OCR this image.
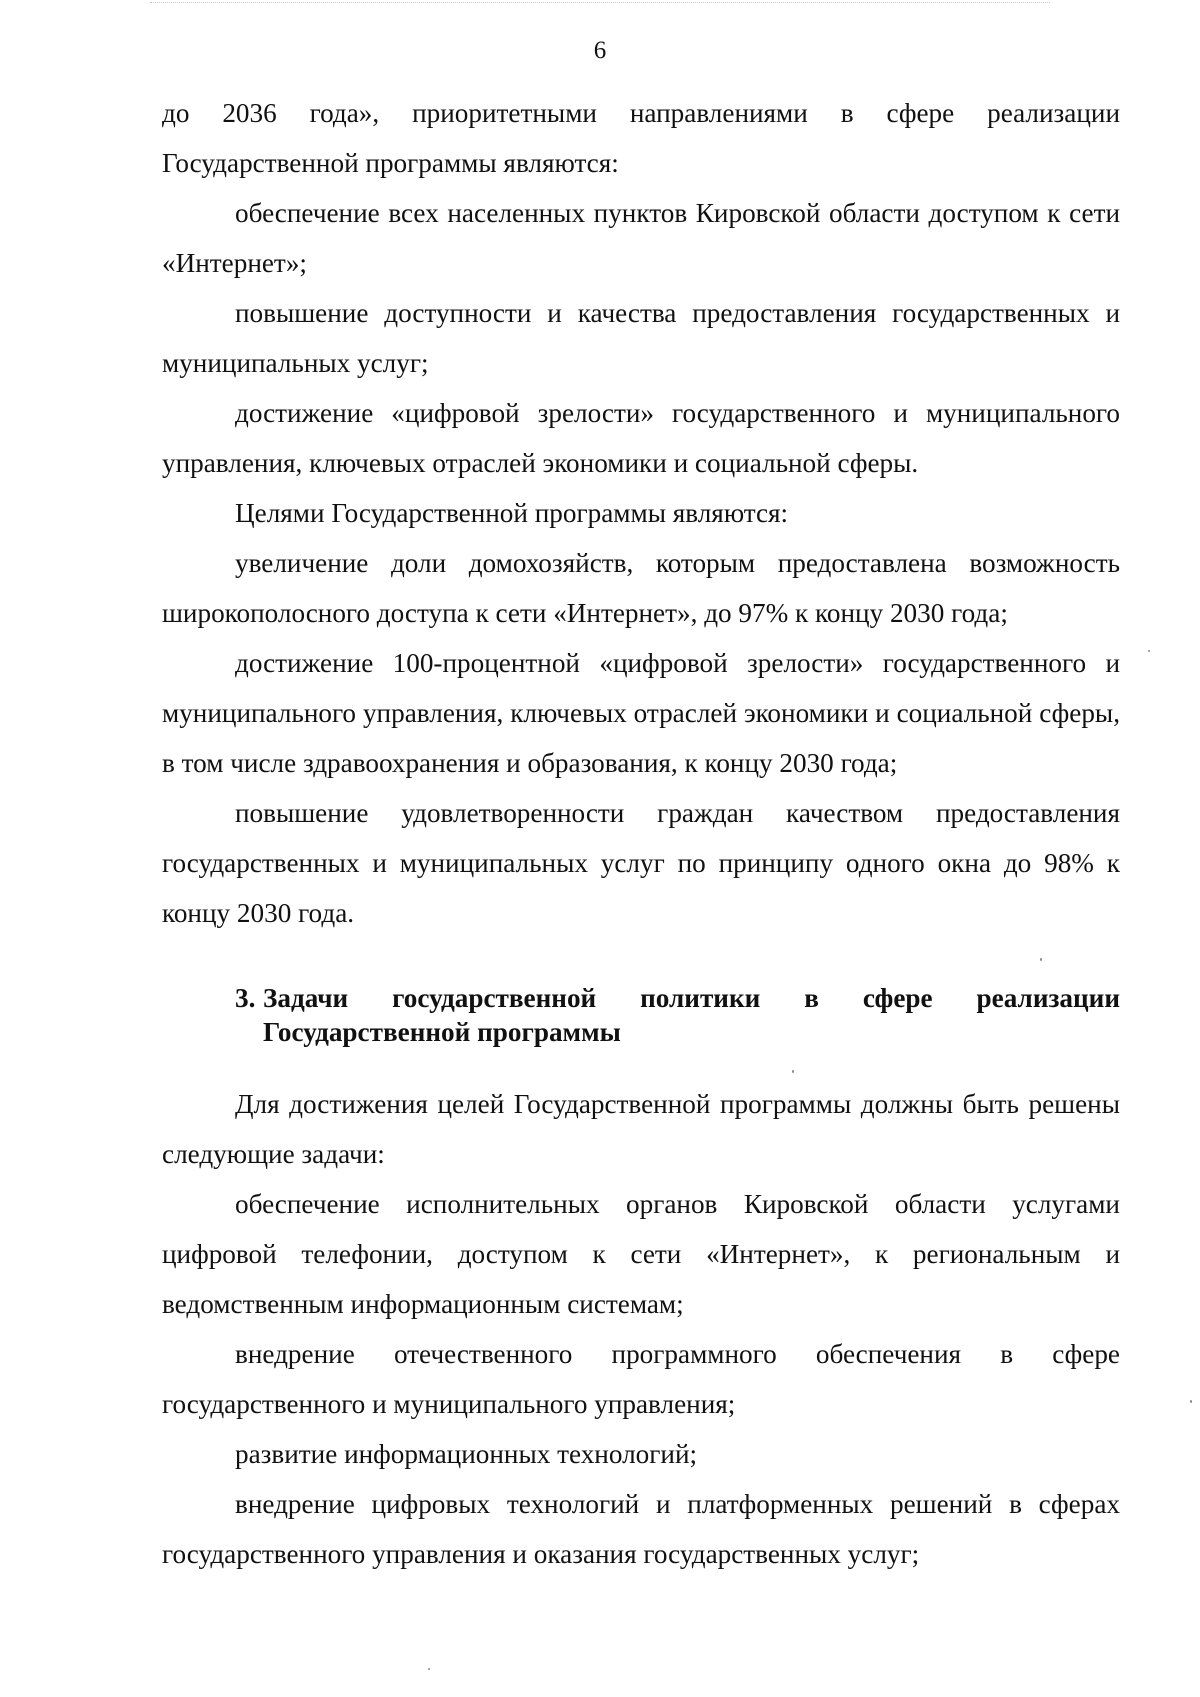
6

до 2036 года», приоритетными направлениями в сфере реализации Государственной программы являются:

обеспечение всех населенных пунктов Кировской области доступом к сети «Интернет»;

повышение доступности и качества предоставления государственных и муниципальных услуг;

достижение «цифровой зрелости» государственного и муниципального управления, ключевых отраслей экономики и социальной сферы.

Целями Государственной программы являются:

увеличение доли домохозяйств, которым предоставлена возможность широкополосного доступа к сети «Интернет», до 97% к концу 2030 года;

достижение 100-процентной «цифровой зрелости» государственного и муниципального управления, ключевых отраслей экономики и социальной сферы, в том числе здравоохранения и образования, к концу 2030 года;

повышение удовлетворенности граждан качеством предоставления государственных и муниципальных услуг по принципу одного окна до 98% к концу 2030 года.

3. Задачи государственной политики в сфере реализации
Государственной программы

Для достижения целей Государственной программы должны быть решены следующие задачи:

обеспечение исполнительных органов Кировской области услугами цифровой телефонии, доступом к сети «Интернет», к региональным и ведомственным информационным системам;

внедрение отечественного программного обеспечения в сфере государственного и муниципального управления;

развитие информационных технологий;

внедрение цифровых технологий и платформенных решений в сферах государственного управления и оказания государственных услуг;
